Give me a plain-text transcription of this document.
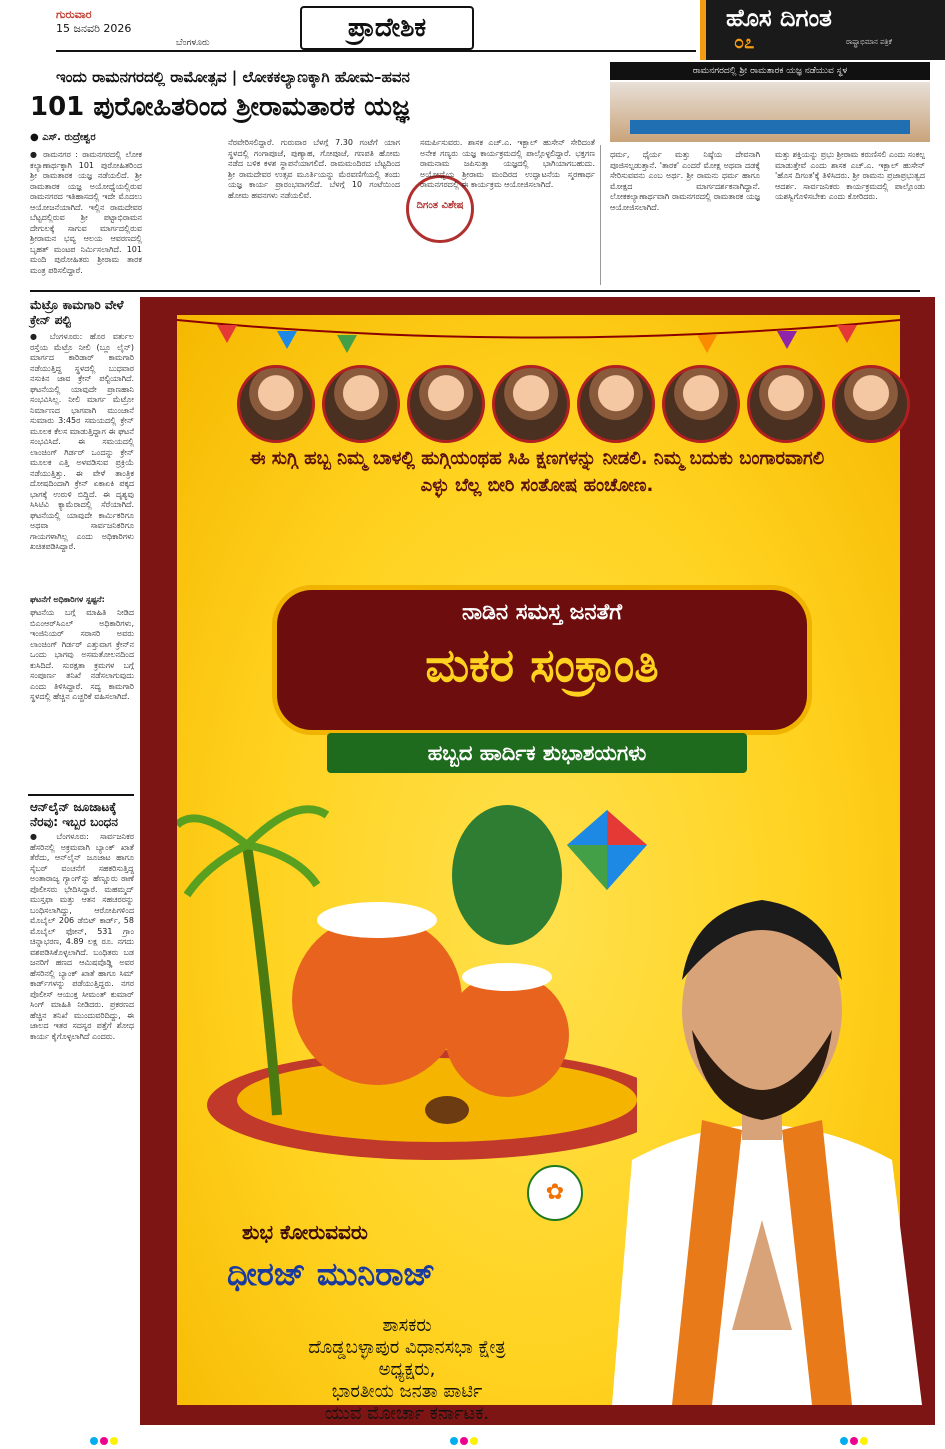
ಗುರುವಾರ
15 ಜನವರಿ 2026
ಬೆಂಗಳೂರು	ಪ್ರಾದೇಶಿಕ	ಹೊಸ ದಿಗಂತ
೦೭	ರಾಷ್ಟ್ರಾಭಿಮಾನ ಪತ್ರಿಕೆ
ಇಂದು ರಾಮನಗರದಲ್ಲಿ ರಾಮೋತ್ಸವ | ಲೋಕಕಲ್ಯಾಣಕ್ಕಾಗಿ ಹೋಮ–ಹವನ
101 ಪುರೋಹಿತರಿಂದ ಶ್ರೀರಾಮತಾರಕ ಯಜ್ಞ
ರಾಮನಗರದಲ್ಲಿ ಶ್ರೀ ರಾಮತಾರಕ ಯಜ್ಞ ನಡೆಯುವ ಸ್ಥಳ
● ಎಸ್. ರುದ್ರೇಶ್ವರ
● ರಾಮನಗರ : ರಾಮನಗರದಲ್ಲಿ ಲೋಕ ಕಲ್ಯಾಣಾರ್ಥಕ್ಕಾಗಿ 101 ಪುರೋಹಿತರಿಂದ ಶ್ರೀ ರಾಮತಾರಕ ಯಜ್ಞ ನಡೆಯಲಿದೆ. ಶ್ರೀ ರಾಮತಾರಕ ಯಜ್ಞ ಅಯೋಧ್ಯೆಯಲ್ಲಿರುವ ರಾಮನಗರದ ಇತಿಹಾಸದಲ್ಲಿ ಇದೇ ಮೊದಲು ಆಯೋಜನೆಯಾಗಿದೆ. ಇಲ್ಲಿನ ರಾಮದೇವರ ಬೆಟ್ಟದಲ್ಲಿರುವ ಶ್ರೀ ಪಟ್ಟಾಭಿರಾಮನ ದೇಗುಲಕ್ಕೆ ಸಾಗುವ ಮಾರ್ಗದಲ್ಲಿರುವ ಶ್ರೀರಾಮನ ಭವ್ಯ ಆಲಯ ಆವರಣದಲ್ಲಿ ಬೃಹತ್ ಮಂಟಪ ನಿರ್ಮಿಸಲಾಗಿದೆ. 101 ಮಂದಿ ಪುರೋಹಿತರು ಶ್ರೀರಾಮ ತಾರಕ ಮಂತ್ರ ಪಠಿಸಲಿದ್ದಾರೆ.
ನೆರವೇರಿಸಲಿದ್ದಾರೆ. ಗುರುವಾರ ಬೆಳಗ್ಗೆ 7.30 ಗಂಟೆಗೆ ಯಾಗ ಸ್ಥಳದಲ್ಲಿ ಗಂಗಾಪೂಜೆ, ಪುಣ್ಯಾಹ, ಗೋಪೂಜೆ, ಗಣಪತಿ ಹೋಮ ನಡೆದ ಬಳಿಕ ಕಳಶ ಸ್ಥಾಪನೆಯಾಗಲಿದೆ. ರಾಮಮಂದಿರದ ಬೆಟ್ಟದಿಂದ ಶ್ರೀ ರಾಮದೇವರ ಉತ್ಸವ ಮೂರ್ತಿಯನ್ನು ಮೆರವಣಿಗೆಯಲ್ಲಿ ತಂದು ಯಜ್ಞ ಕಾರ್ಯ ಪ್ರಾರಂಭವಾಗಲಿದೆ. ಬೆಳಗ್ಗೆ 10 ಗಂಟೆಯಿಂದ ಹೋಮ ಹವನಗಳು ನಡೆಯಲಿವೆ.
ದಿಗಂತ ವಿಶೇಷ
ಸಮರ್ಪಿಸುವರು. ಶಾಸಕ ಎಚ್.ಎ. ಇಕ್ಬಾಲ್ ಹುಸೇನ್ ಸೇರಿದಂತೆ ಅನೇಕ ಗಣ್ಯರು ಯಜ್ಞ ಕಾರ್ಯಕ್ರಮದಲ್ಲಿ ಪಾಲ್ಗೊಳ್ಳಲಿದ್ದಾರೆ. ಭಕ್ತಗಣ ರಾಮನಾಮ ಜಪಿಸುತ್ತಾ ಯಜ್ಞದಲ್ಲಿ ಭಾಗಿಯಾಗಬಹುದು. ಅಯೋಧ್ಯೆಯ ಶ್ರೀರಾಮ ಮಂದಿರದ ಉದ್ಘಾಟನೆಯ ಸ್ಮರಣಾರ್ಥ ರಾಮನಗರದಲ್ಲಿ ಈ ಕಾರ್ಯಕ್ರಮ ಆಯೋಜಿಸಲಾಗಿದೆ.
ಧರ್ಮ, ಧೈರ್ಯ ಮತ್ತು ನಿಷ್ಠೆಯ ದೇವನಾಗಿ ಪೂಜಿಸಲ್ಪಡುತ್ತಾನೆ. 'ತಾರಕ' ಎಂದರೆ ಮೋಕ್ಷ ಅಥವಾ ದಡಕ್ಕೆ ಸೇರಿಸುವವನು ಎಂಬ ಅರ್ಥ. ಶ್ರೀ ರಾಮನು ಧರ್ಮ ಹಾಗೂ ಮೋಕ್ಷದ ಮಾರ್ಗದರ್ಶಕನಾಗಿದ್ದಾನೆ. ಲೋಕಕಲ್ಯಾಣಾರ್ಥವಾಗಿ ರಾಮನಗರದಲ್ಲಿ ರಾಮತಾರಕ ಯಜ್ಞ ಆಯೋಜಿಸಲಾಗಿದೆ.
ಮತ್ತು ಶಕ್ತಿಯನ್ನು ಪ್ರಭು ಶ್ರೀರಾಮ ಕರುಣಿಸಲಿ ಎಂದು ಸಂಕಲ್ಪ ಮಾಡುತ್ತೇವೆ ಎಂದು ಶಾಸಕ ಎಚ್.ಎ. ಇಕ್ಬಾಲ್ ಹುಸೇನ್ 'ಹೊಸ ದಿಗಂತ'ಕ್ಕೆ ತಿಳಿಸಿದರು. ಶ್ರೀ ರಾಮನು ಪ್ರಜಾಪ್ರಭುತ್ವದ ಆದರ್ಶ. ಸಾರ್ವಜನಿಕರು ಕಾರ್ಯಕ್ರಮದಲ್ಲಿ ಪಾಲ್ಗೊಂಡು ಯಶಸ್ವಿಗೊಳಿಸಬೇಕು ಎಂದು ಕೋರಿದರು.
ಮೆಟ್ರೊ ಕಾಮಗಾರಿ ವೇಳೆ ಕ್ರೇನ್ ಪಲ್ಟಿ
● ಬೆಂಗಳೂರು: ಹೊರ ವರ್ತುಲ ರಸ್ತೆಯ ಮೆಟ್ರೊ ನೀಲಿ (ಬ್ಲೂ ಲೈನ್) ಮಾರ್ಗದ ಕಾರಿಡಾರ್ ಕಾಮಗಾರಿ ನಡೆಯುತ್ತಿದ್ದ ಸ್ಥಳದಲ್ಲಿ ಬುಧವಾರ ನಸುಕಿನ ಜಾವ ಕ್ರೇನ್ ಪಲ್ಟಿಯಾಗಿದೆ. ಘಟನೆಯಲ್ಲಿ ಯಾವುದೇ ಪ್ರಾಣಹಾನಿ ಸಂಭವಿಸಿಲ್ಲ. ನೀಲಿ ಮಾರ್ಗ ಮೆಟ್ರೋ ನಿರ್ಮಾಣದ ಭಾಗವಾಗಿ ಮುಂಜಾನೆ ಸುಮಾರು 3:45ರ ಸಮಯದಲ್ಲಿ ಕ್ರೇನ್ ಮೂಲಕ ಕೆಲಸ ಮಾಡುತ್ತಿದ್ದಾಗ ಈ ಘಟನೆ ಸಂಭವಿಸಿದೆ. ಈ ಸಮಯದಲ್ಲಿ ಲಾಂಚಿಂಗ್ ಗಿರ್ಡರ್ ಒಂದನ್ನು ಕ್ರೇನ್ ಮೂಲಕ ಎತ್ತಿ ಅಳವಡಿಸುವ ಪ್ರಕ್ರಿಯೆ ನಡೆಯುತ್ತಿತ್ತು. ಈ ವೇಳೆ ತಾಂತ್ರಿಕ ದೋಷದಿಂದಾಗಿ ಕ್ರೇನ್ ಏಕಾಏಕಿ ಪಕ್ಕದ ಭಾಗಕ್ಕೆ ಉರುಳಿ ಬಿದ್ದಿದೆ. ಈ ದೃಶ್ಯವು ಸಿಸಿಟಿವಿ ಕ್ಯಾಮೆರಾದಲ್ಲಿ ಸೆರೆಯಾಗಿದೆ. ಘಟನೆಯಲ್ಲಿ ಯಾವುದೇ ಕಾರ್ಮಿಕರಿಗೂ ಅಥವಾ ಸಾರ್ವಜನಿಕರಿಗೂ ಗಾಯಗಳಾಗಿಲ್ಲ ಎಂದು ಅಧಿಕಾರಿಗಳು ಖಚಿತಪಡಿಸಿದ್ದಾರೆ.
ಘಟನೆಗೆ ಅಧಿಕಾರಿಗಳ ಸ್ಪಷ್ಟನೆ:
ಘಟನೆಯ ಬಗ್ಗೆ ಮಾಹಿತಿ ನೀಡಿದ ಬಿಎಂಆರ್‌ಸಿಎಲ್ ಅಧಿಕಾರಿಗಳು, ಇಂಜಿನಿಯರ್ ಸರಾಸರಿ ಅವರು ಲಾಂಚಿಂಗ್ ಗಿರ್ಡರ್ ಎತ್ತುವಾಗ ಕ್ರೇನ್‌ನ ಒಂದು ಭಾಗವು ಅಸಮತೋಲನದಿಂದ ಕುಸಿದಿದೆ. ಸುರಕ್ಷತಾ ಕ್ರಮಗಳ ಬಗ್ಗೆ ಸಂಪೂರ್ಣ ತನಿಖೆ ನಡೆಸಲಾಗುವುದು ಎಂದು ತಿಳಿಸಿದ್ದಾರೆ. ಸದ್ಯ ಕಾಮಗಾರಿ ಸ್ಥಳದಲ್ಲಿ ಹೆಚ್ಚಿನ ಎಚ್ಚರಿಕೆ ವಹಿಸಲಾಗಿದೆ.
ಆನ್‌ಲೈನ್ ಜೂಜಾಟಕ್ಕೆ ನೆರವು: ಇಬ್ಬರ ಬಂಧನ
● ಬೆಂಗಳೂರು: ಸಾರ್ವಜನಿಕರ ಹೆಸರಿನಲ್ಲಿ ಅಕ್ರಮವಾಗಿ ಬ್ಯಾಂಕ್ ಖಾತೆ ತೆರೆದು, ಆನ್‌ಲೈನ್ ಜೂಜಾಟ ಹಾಗೂ ಸೈಬರ್ ವಂಚನೆಗೆ ಸಹಕರಿಸುತ್ತಿದ್ದ ಅಂತಾರಾಜ್ಯ ಗ್ಯಾಂಗ್‌ನ್ನು ಹೆಣ್ಣೂರು ಠಾಣೆ ಪೊಲೀಸರು ಭೇದಿಸಿದ್ದಾರೆ. ಮಹಮ್ಮದ್ ಮುಸ್ತಫಾ ಮತ್ತು ಆತನ ಸಹಚರರನ್ನು ಬಂಧಿಸಲಾಗಿದ್ದು, ಆರೋಪಿಗಳಿಂದ ಮೊಬೈಲ್ 206 ಡೆಬಿಟ್ ಕಾರ್ಡ್, 58 ಮೊಬೈಲ್ ಫೋನ್, 531 ಗ್ರಾಂ ಚಿನ್ನಾಭರಣ, 4.89 ಲಕ್ಷ ರೂ. ನಗದು ವಶಪಡಿಸಿಕೊಳ್ಳಲಾಗಿದೆ. ಬಂಧಿತರು ಬಡ ಜನರಿಗೆ ಹಣದ ಆಮಿಷವೊಡ್ಡಿ ಅವರ ಹೆಸರಿನಲ್ಲಿ ಬ್ಯಾಂಕ್ ಖಾತೆ ಹಾಗೂ ಸಿಮ್ ಕಾರ್ಡ್‌ಗಳನ್ನು ಪಡೆಯುತ್ತಿದ್ದರು. ನಗರ ಪೊಲೀಸ್ ಆಯುಕ್ತ ಸೀಮಂತ್ ಕುಮಾರ್ ಸಿಂಗ್ ಮಾಹಿತಿ ನೀಡಿದರು. ಪ್ರಕರಣದ ಹೆಚ್ಚಿನ ತನಿಖೆ ಮುಂದುವರಿದಿದ್ದು, ಈ ಜಾಲದ ಇತರ ಸದಸ್ಯರ ಪತ್ತೆಗೆ ಶೋಧ ಕಾರ್ಯ ಕೈಗೊಳ್ಳಲಾಗಿದೆ ಎಂದರು.
ಈ ಸುಗ್ಗಿ ಹಬ್ಬ ನಿಮ್ಮ ಬಾಳಲ್ಲಿ ಹುಗ್ಗಿಯಂಥಹ ಸಿಹಿ ಕ್ಷಣಗಳನ್ನು ನೀಡಲಿ. ನಿಮ್ಮ ಬದುಕು ಬಂಗಾರವಾಗಲಿ ಎಳ್ಳು ಬೆಲ್ಲ ಬೀರಿ ಸಂತೋಷ ಹಂಚೋಣ.
ನಾಡಿನ ಸಮಸ್ತ ಜನತೆಗೆ
ಮಕರ ಸಂಕ್ರಾಂತಿ
ಹಬ್ಬದ ಹಾರ್ದಿಕ ಶುಭಾಶಯಗಳು
✿
ಶುಭ ಕೋರುವವರು
ಧೀರಜ್ ಮುನಿರಾಜ್
ಶಾಸಕರು
ದೊಡ್ಡಬಳ್ಳಾಪುರ ವಿಧಾನಸಭಾ ಕ್ಷೇತ್ರ
ಅಧ್ಯಕ್ಷರು,
ಭಾರತೀಯ ಜನತಾ ಪಾರ್ಟಿ
ಯುವ ಮೋರ್ಚಾ ಕರ್ನಾಟಕ.
